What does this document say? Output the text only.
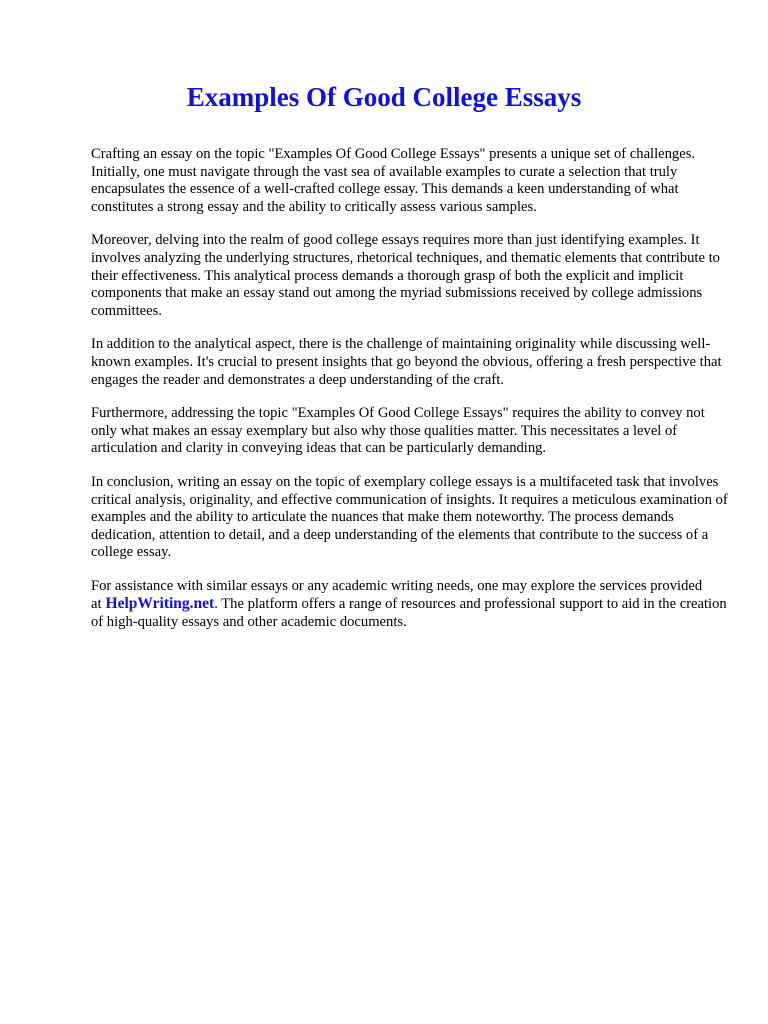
Examples Of Good College Essays

Crafting an essay on the topic "Examples Of Good College Essays" presents a unique set of challenges. Initially, one must navigate through the vast sea of available examples to curate a selection that truly encapsulates the essence of a well-crafted college essay. This demands a keen understanding of what constitutes a strong essay and the ability to critically assess various samples.

Moreover, delving into the realm of good college essays requires more than just identifying examples. It involves analyzing the underlying structures, rhetorical techniques, and thematic elements that contribute to their effectiveness. This analytical process demands a thorough grasp of both the explicit and implicit components that make an essay stand out among the myriad submissions received by college admissions committees.

In addition to the analytical aspect, there is the challenge of maintaining originality while discussing well-known examples. It's crucial to present insights that go beyond the obvious, offering a fresh perspective that engages the reader and demonstrates a deep understanding of the craft.

Furthermore, addressing the topic "Examples Of Good College Essays" requires the ability to convey not only what makes an essay exemplary but also why those qualities matter. This necessitates a level of articulation and clarity in conveying ideas that can be particularly demanding.

In conclusion, writing an essay on the topic of exemplary college essays is a multifaceted task that involves critical analysis, originality, and effective communication of insights. It requires a meticulous examination of examples and the ability to articulate the nuances that make them noteworthy. The process demands dedication, attention to detail, and a deep understanding of the elements that contribute to the success of a college essay.

For assistance with similar essays or any academic writing needs, one may explore the services provided at HelpWriting.net. The platform offers a range of resources and professional support to aid in the creation of high-quality essays and other academic documents.
